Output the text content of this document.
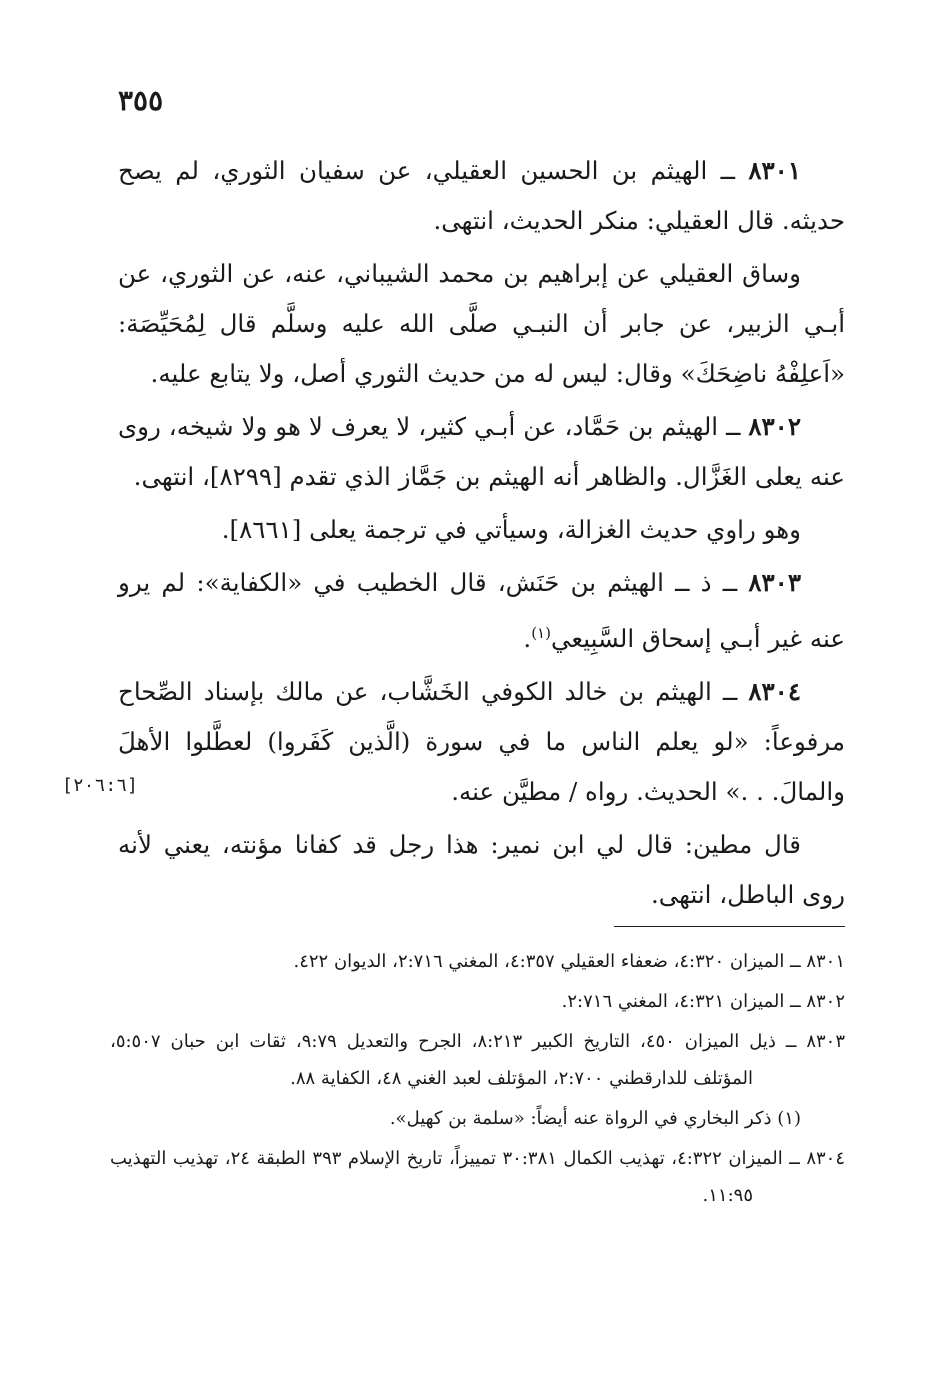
٣٥٥

٨٣٠١ ــ الهيثم بن الحسين العقيلي، عن سفيان الثوري، لم يصح حديثه. قال العقيلي: منكر الحديث، انتهى.

وساق العقيلي عن إبراهيم بن محمد الشيباني، عنه، عن الثوري، عن أبـي الزبير، عن جابر أن النبـي صلَّى الله عليه وسلَّم قال لِمُحَيِّصَة: «اَعلِفْهُ ناضِحَكَ» وقال: ليس له من حديث الثوري أصل، ولا يتابع عليه.

٨٣٠٢ ــ الهيثم بن حَمَّاد، عن أبـي كثير، لا يعرف لا هو ولا شيخه، روى عنه يعلى الغَزَّال. والظاهر أنه الهيثم بن جَمَّاز الذي تقدم [٨٢٩٩]، انتهى.

وهو راوي حديث الغزالة، وسيأتي في ترجمة يعلى [٨٦٦١].

٨٣٠٣ ــ ذ ــ الهيثم بن حَنَش، قال الخطيب في «الكفاية»: لم يرو عنه غير أبـي إسحاق السَّبِيعي$^{(١)}$.

٨٣٠٤ ــ الهيثم بن خالد الكوفي الخَشَّاب، عن مالك بإسناد الصِّحاح مرفوعاً: «لو يعلم الناس ما في سورة (الَّذين كَفَروا) لعطَّلوا الأهلَ والمالَ. . .» الحديث. رواه / مطيَّن عنه.

قال مطين: قال لي ابن نمير: هذا رجل قد كفانا مؤنته، يعني لأنه روى الباطل، انتهى.

[٢٠٦:٦]

٨٣٠١ ــ الميزان ٤:٣٢٠، ضعفاء العقيلي ٤:٣٥٧، المغني ٢:٧١٦، الديوان ٤٢٢.

٨٣٠٢ ــ الميزان ٤:٣٢١، المغني ٢:٧١٦.

٨٣٠٣ ــ ذيل الميزان ٤٥٠، التاريخ الكبير ٨:٢١٣، الجرح والتعديل ٩:٧٩، ثقات ابن حبان ٥:٥٠٧، المؤتلف للدارقطني ٢:٧٠٠، المؤتلف لعبد الغني ٤٨، الكفاية ٨٨.

(١) ذكر البخاري في الرواة عنه أيضاً: «سلمة بن كهيل».

٨٣٠٤ ــ الميزان ٤:٣٢٢، تهذيب الكمال ٣٠:٣٨١ تمييزاً، تاريخ الإسلام ٣٩٣ الطبقة ٢٤، تهذيب التهذيب ١١:٩٥.
